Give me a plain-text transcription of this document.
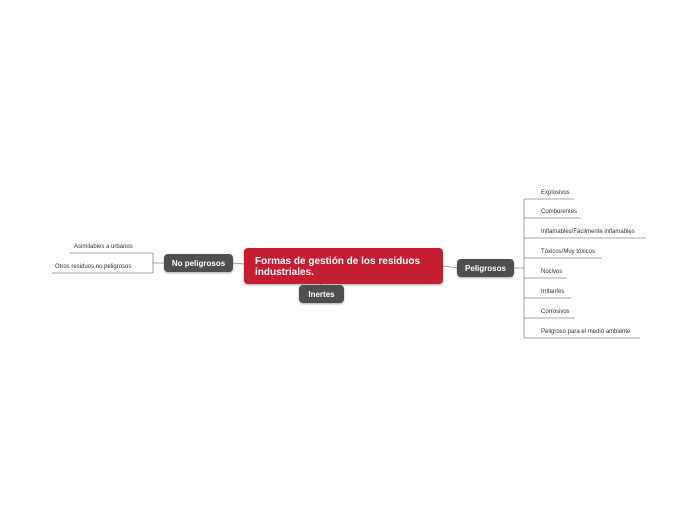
Formas de gestión de los residuos industriales.
No peligrosos
Peligrosos
Inertes
Asimilables a urbanos
Otros residuos no peligrosos
Explosivos
Comburentes
Inflamables/Fácilmente inflamables
Tóxicos/Muy tóxicos
Nocivos
Irritantes
Corrosivos
Peligroso para el medio ambiente
